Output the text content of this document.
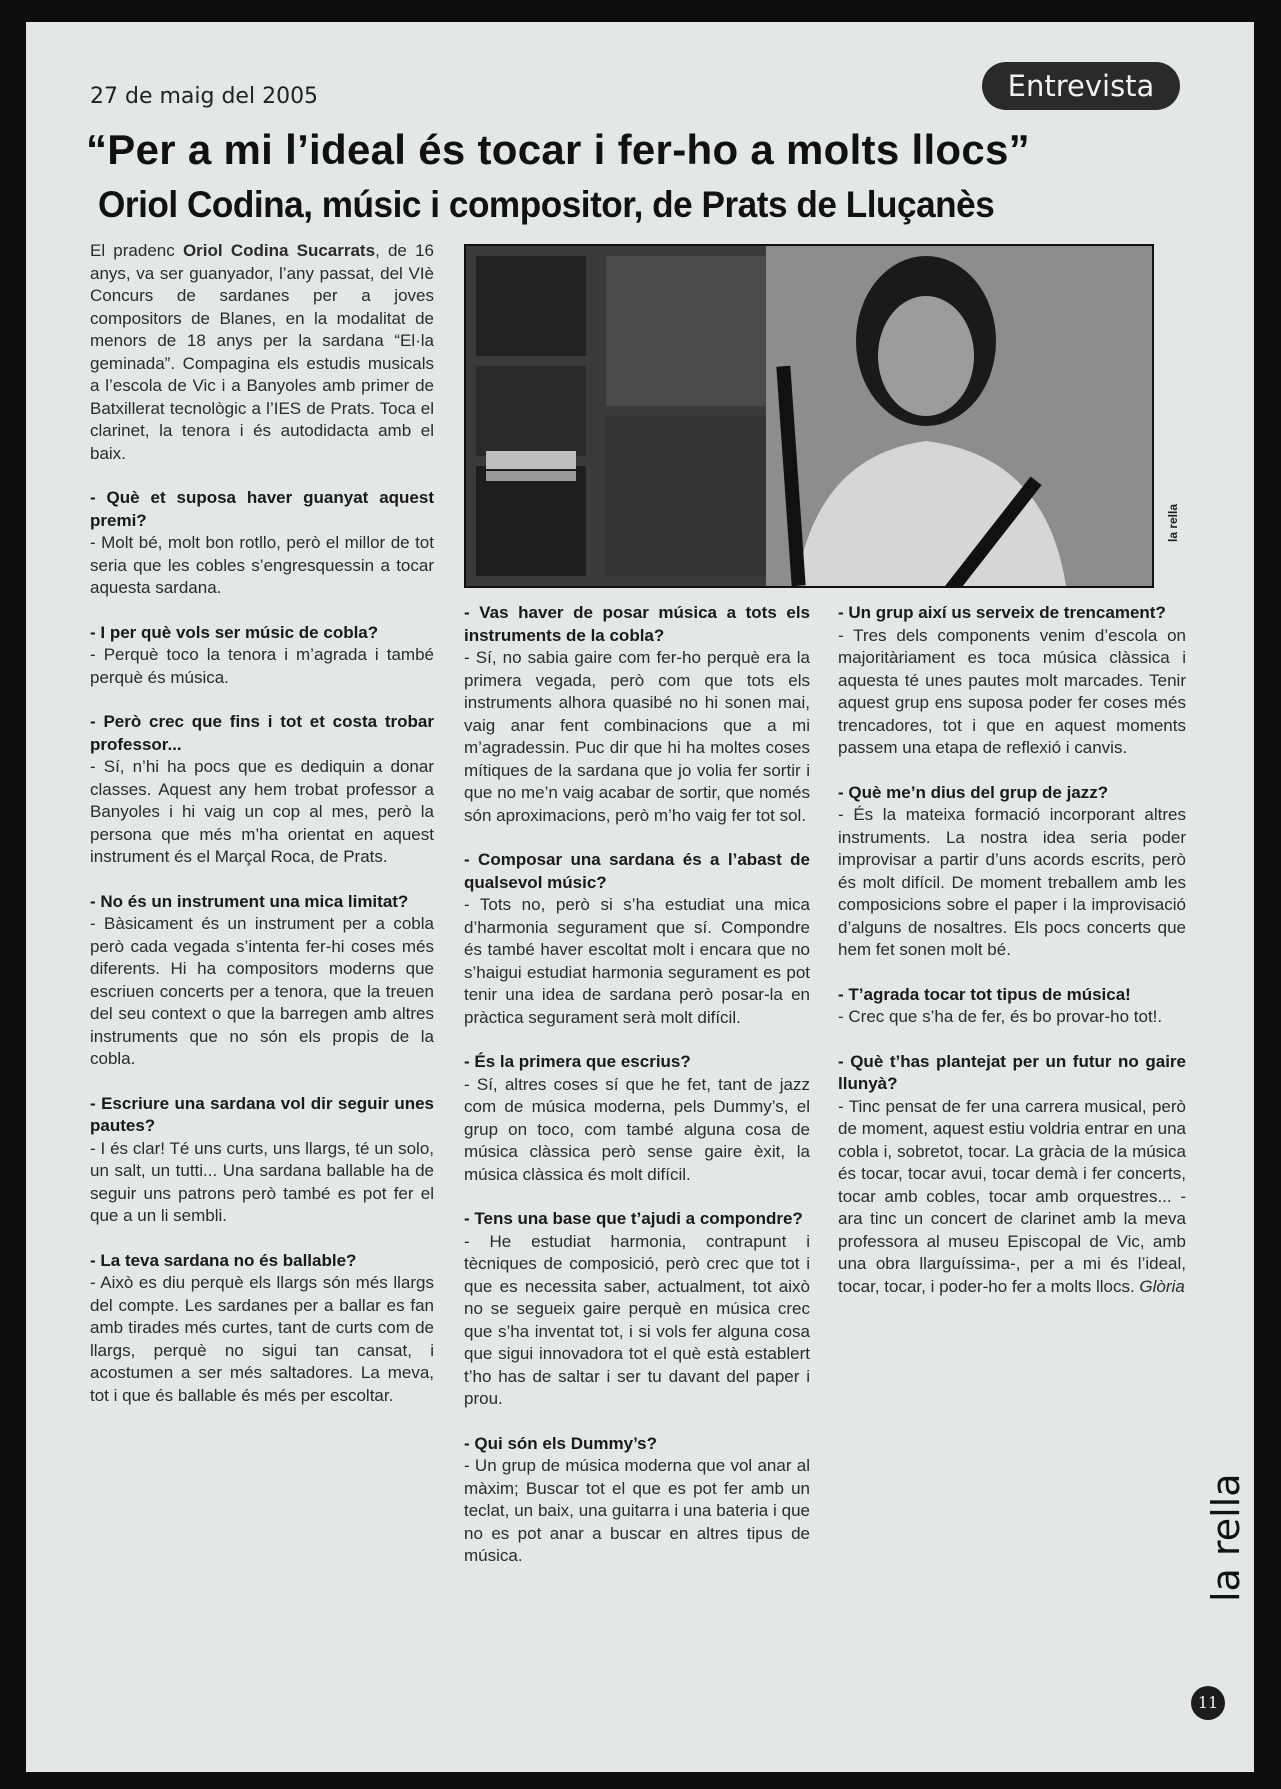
27 de maig del 2005	Entrevista
“Per a mi l’ideal és tocar i fer-ho a molts llocs”
Oriol Codina, músic i compositor, de Prats de Lluçanès

El pradenc Oriol Codina Sucarrats, de 16 anys, va ser guanyador, l’any passat, del VIè Concurs de sardanes per a joves compositors de Blanes, en la modalitat de menors de 18 anys per la sardana “El·la geminada”. Compagina els estudis musicals a l’escola de Vic i a Banyoles amb primer de Batxillerat tecnològic a l’IES de Prats. Toca el clarinet, la tenora i és autodidacta amb el baix.

- Què et suposa haver guanyat aquest premi?
- Molt bé, molt bon rotllo, però el millor de tot seria que les cobles s’engresquessin a tocar aquesta sardana.

- I per què vols ser músic de cobla?
- Perquè toco la tenora i m’agrada i també perquè és música.

- Però crec que fins i tot et costa trobar professor...
- Sí, n’hi ha pocs que es dediquin a donar classes. Aquest any hem trobat professor a Banyoles i hi vaig un cop al mes, però la persona que més m’ha orientat en aquest instrument és el Marçal Roca, de Prats.

- No és un instrument una mica limitat?
- Bàsicament és un instrument per a cobla però cada vegada s’intenta fer-hi coses més diferents. Hi ha compositors moderns que escriuen concerts per a tenora, que la treuen del seu context o que la barregen amb altres instruments que no són els propis de la cobla.

- Escriure una sardana vol dir seguir unes pautes?
- I és clar! Té uns curts, uns llargs, té un solo, un salt, un tutti... Una sardana ballable ha de seguir uns patrons però també es pot fer el que a un li sembli.

- La teva sardana no és ballable?
- Això es diu perquè els llargs són més llargs del compte. Les sardanes per a ballar es fan amb tirades més curtes, tant de curts com de llargs, perquè no sigui tan cansat, i acostumen a ser més saltadores. La meva, tot i que és ballable és més per escoltar.

la rella

- Vas haver de posar música a tots els instruments de la cobla?
- Sí, no sabia gaire com fer-ho perquè era la primera vegada, però com que tots els instruments alhora quasibé no hi sonen mai, vaig anar fent combinacions que a mi m’agradessin. Puc dir que hi ha moltes coses mítiques de la sardana que jo volia fer sortir i que no me’n vaig acabar de sortir, que només són aproximacions, però m’ho vaig fer tot sol.

- Composar una sardana és a l’abast de qualsevol músic?
- Tots no, però si s’ha estudiat una mica d’harmonia segurament que sí. Compondre és també haver escoltat molt i encara que no s’haigui estudiat harmonia segurament es pot tenir una idea de sardana però posar-la en pràctica segurament serà molt difícil.

- És la primera que escrius?
- Sí, altres coses sí que he fet, tant de jazz com de música moderna, pels Dummy’s, el grup on toco, com també alguna cosa de música clàssica però sense gaire èxit, la música clàssica és molt difícil.

- Tens una base que t’ajudi a compondre?
- He estudiat harmonia, contrapunt i tècniques de composició, però crec que tot i que es necessita saber, actualment, tot això no se segueix gaire perquè en música crec que s’ha inventat tot, i si vols fer alguna cosa que sigui innovadora tot el què està establert t’ho has de saltar i ser tu davant del paper i prou.

- Qui són els Dummy’s?
- Un grup de música moderna que vol anar al màxim; Buscar tot el que es pot fer amb un teclat, un baix, una guitarra i una bateria i que no es pot anar a buscar en altres tipus de música.

- Un grup així us serveix de trencament?
- Tres dels components venim d’escola on majoritàriament es toca música clàssica i aquesta té unes pautes molt marcades. Tenir aquest grup ens suposa poder fer coses més trencadores, tot i que en aquest moments passem una etapa de reflexió i canvis.

- Què me’n dius del grup de jazz?
- És la mateixa formació incorporant altres instruments. La nostra idea seria poder improvisar a partir d’uns acords escrits, però és molt difícil. De moment treballem amb les composicions sobre el paper i la improvisació d’alguns de nosaltres. Els pocs concerts que hem fet sonen molt bé.

- T’agrada tocar tot tipus de música!
- Crec que s’ha de fer, és bo provar-ho tot!.

- Què t’has plantejat per un futur no gaire llunyà?
- Tinc pensat de fer una carrera musical, però de moment, aquest estiu voldria entrar en una cobla i, sobretot, tocar. La gràcia de la música és tocar, tocar avui, tocar demà i fer concerts, tocar amb cobles, tocar amb orquestres... - ara tinc un concert de clarinet amb la meva professora al museu Episcopal de Vic, amb una obra llarguíssima-, per a mi és l’ideal, tocar, tocar, i poder-ho fer a molts llocs. Glòria

la rella
11
